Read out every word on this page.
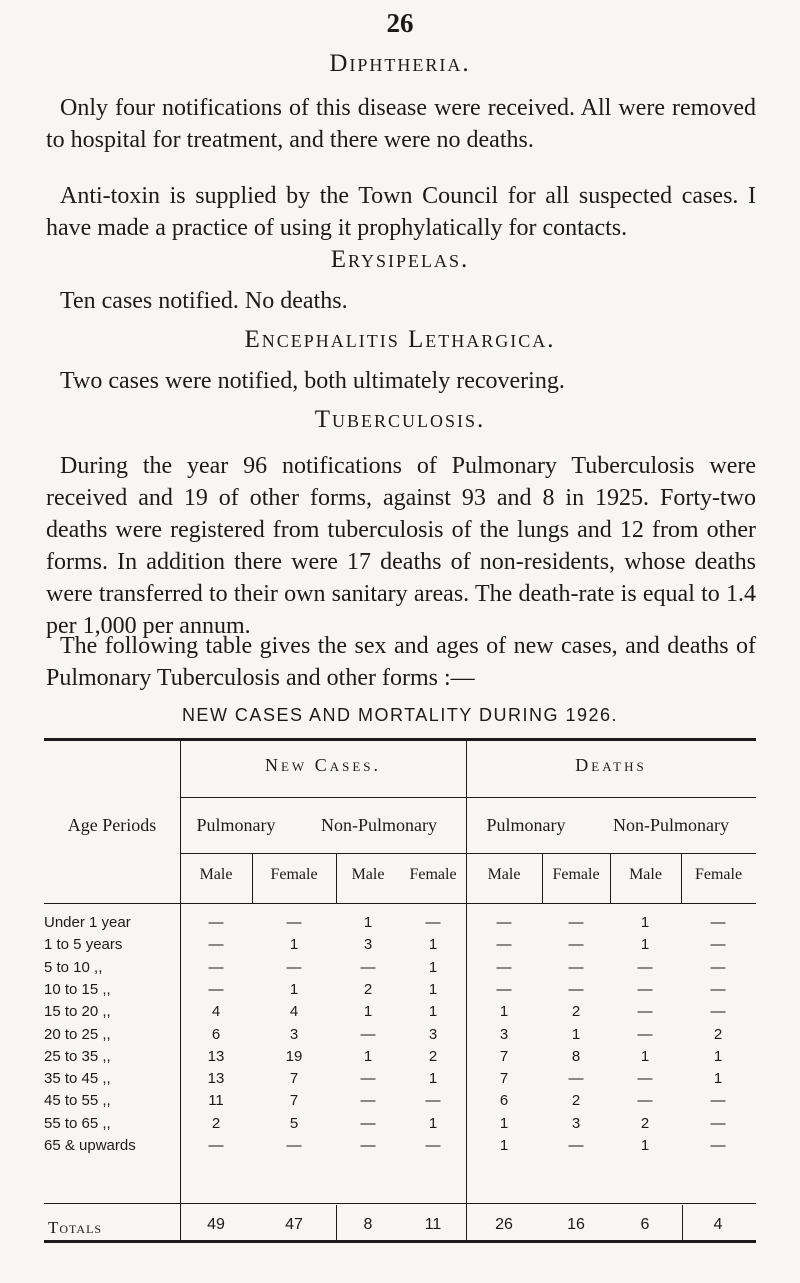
26
Diphtheria.

Only four notifications of this disease were received. All were removed to hospital for treatment, and there were no deaths.

Anti-toxin is supplied by the Town Council for all suspected cases. I have made a practice of using it prophylatically for contacts.

Erysipelas.

Ten cases notified. No deaths.

Encephalitis Lethargica.

Two cases were notified, both ultimately recovering.

Tuberculosis.

During the year 96 notifications of Pulmonary Tuberculosis were received and 19 of other forms, against 93 and 8 in 1925. Forty-two deaths were registered from tuberculosis of the lungs and 12 from other forms. In addition there were 17 deaths of non-residents, whose deaths were transferred to their own sanitary areas. The death-rate is equal to 1.4 per 1,000 per annum.

The following table gives the sex and ages of new cases, and deaths of Pulmonary Tuberculosis and other forms :—

NEW CASES AND MORTALITY DURING 1926.
Age Periods
New Cases.	Deaths
Pulmonary	Non-Pulmonary	Pulmonary	Non-Pulmonary
Male	Female	Male	Female	Male	Female	Male	Female
Under 1 year	—	—	1	—	—	—	1	—
1 to 5 years	—	1	3	1	—	—	1	—
5 to 10 ,,	—	—	—	1	—	—	—	—
10 to 15 ,,	—	1	2	1	—	—	—	—
15 to 20 ,,	4	4	1	1	1	2	—	—
20 to 25 ,,	6	3	—	3	3	1	—	2
25 to 35 ,,	13	19	1	2	7	8	1	1
35 to 45 ,,	13	7	—	1	7	—	—	1
45 to 55 ,,	11	7	—	—	6	2	—	—
55 to 65 ,,	2	5	—	1	1	3	2	—
65 & upwards	—	—	—	—	1	—	1	—
Totals	49	47	8	11	26	16	6	4
